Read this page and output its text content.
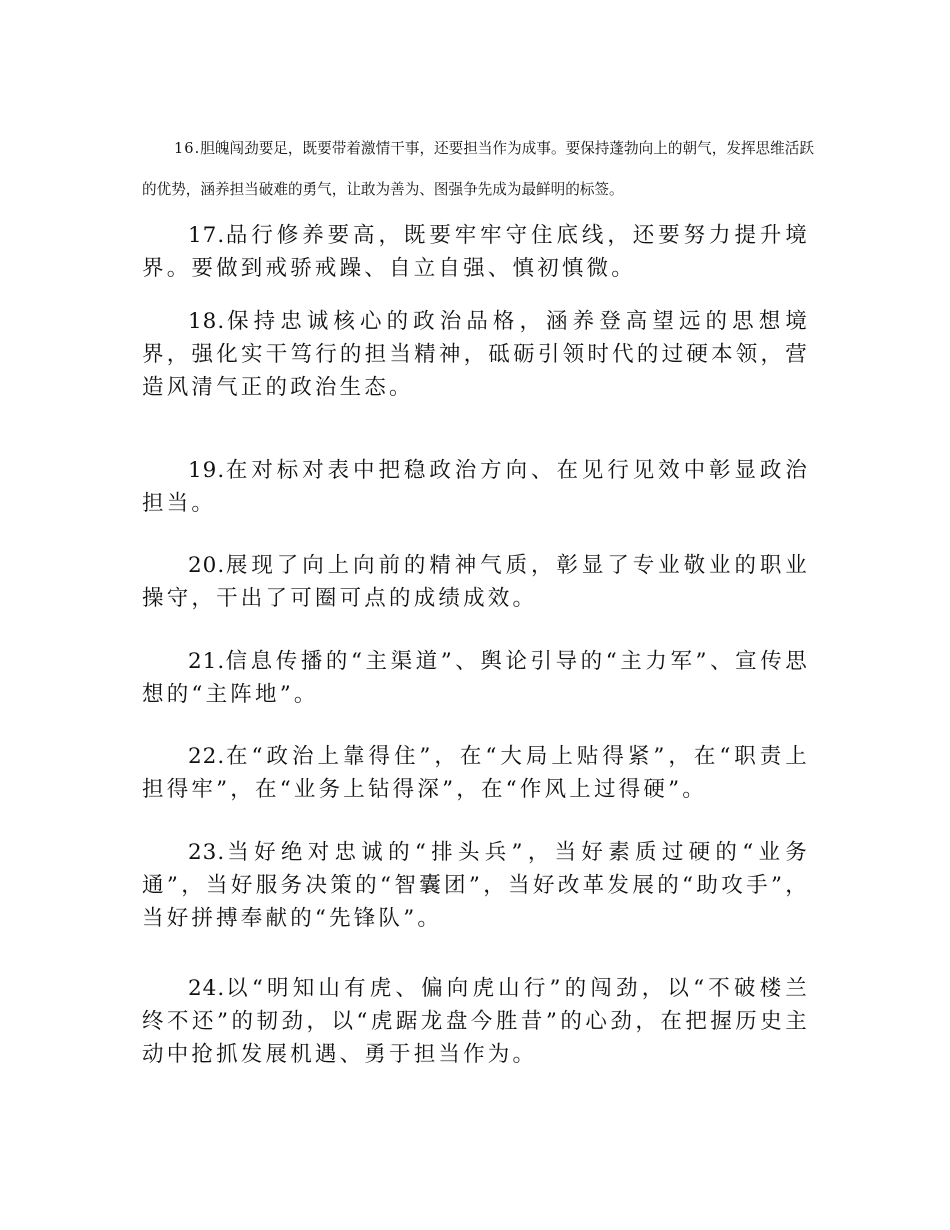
16.胆魄闯劲要足，既要带着激情干事，还要担当作为成事。要保持蓬勃向上的朝气，发挥思维活跃的优势，涵养担当破难的勇气，让敢为善为、图强争先成为最鲜明的标签。

17.品行修养要高，既要牢牢守住底线，还要努力提升境界。要做到戒骄戒躁、自立自强、慎初慎微。

18.保持忠诚核心的政治品格，涵养登高望远的思想境界，强化实干笃行的担当精神，砥砺引领时代的过硬本领，营造风清气正的政治生态。

19.在对标对表中把稳政治方向、在见行见效中彰显政治担当。

20.展现了向上向前的精神气质，彰显了专业敬业的职业操守，干出了可圈可点的成绩成效。

21.信息传播的“主渠道”、舆论引导的“主力军”、宣传思想的“主阵地”。

22.在“政治上靠得住”，在“大局上贴得紧”，在“职责上担得牢”，在“业务上钻得深”，在“作风上过得硬”。

23.当好绝对忠诚的“排头兵”，当好素质过硬的“业务通”，当好服务决策的“智囊团”，当好改革发展的“助攻手”，当好拼搏奉献的“先锋队”。

24.以“明知山有虎、偏向虎山行”的闯劲，以“不破楼兰终不还”的韧劲，以“虎踞龙盘今胜昔”的心劲，在把握历史主动中抢抓发展机遇、勇于担当作为。
